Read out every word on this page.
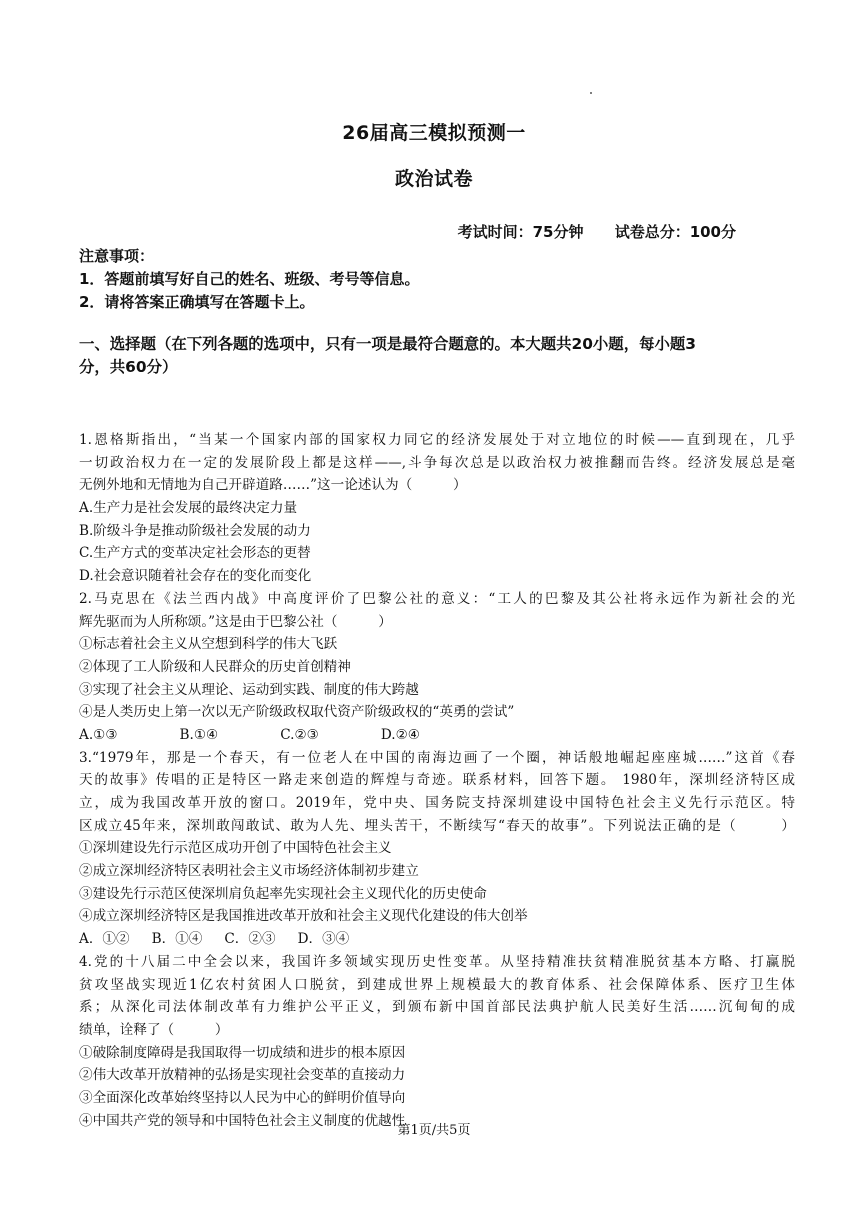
26届高三模拟预测一
政治试卷
考试时间：75分钟 试卷总分：100分
注意事项：
1．答题前填写好自己的姓名、班级、考号等信息。
2．请将答案正确填写在答题卡上。
一、选择题（在下列各题的选项中，只有一项是最符合题意的。本大题共20小题，每小题3
分，共60分）
1.恩格斯指出，“当某一个国家内部的国家权力同它的经济发展处于对立地位的时候——直到现在，几乎
一切政治权力在一定的发展阶段上都是这样——,斗争每次总是以政治权力被推翻而告终。经济发展总是毫
无例外地和无情地为自己开辟道路……”这一论述认为（　　　）
A.生产力是社会发展的最终决定力量
B.阶级斗争是推动阶级社会发展的动力
C.生产方式的变革决定社会形态的更替
D.社会意识随着社会存在的变化而变化
2.马克思在《法兰西内战》中高度评价了巴黎公社的意义：“工人的巴黎及其公社将永远作为新社会的光
辉先驱而为人所称颂。”这是由于巴黎公社（　　　）
①标志着社会主义从空想到科学的伟大飞跃
②体现了工人阶级和人民群众的历史首创精神
③实现了社会主义从理论、运动到实践、制度的伟大跨越
④是人类历史上第一次以无产阶级政权取代资产阶级政权的“英勇的尝试”
A.①③	B.①④	C.②③	D.②④
3.“1979年，那是一个春天，有一位老人在中国的南海边画了一个圈，神话般地崛起座座城……”这首《春
天的故事》传唱的正是特区一路走来创造的辉煌与奇迹。联系材料，回答下题。 1980年，深圳经济特区成
立，成为我国改革开放的窗口。2019年，党中央、国务院支持深圳建设中国特色社会主义先行示范区。特
区成立45年来，深圳敢闯敢试、敢为人先、埋头苦干，不断续写“春天的故事”。下列说法正确的是（　　　）
①深圳建设先行示范区成功开创了中国特色社会主义
②成立深圳经济特区表明社会主义市场经济体制初步建立
③建设先行示范区使深圳肩负起率先实现社会主义现代化的历史使命
④成立深圳经济特区是我国推进改革开放和社会主义现代化建设的伟大创举
A．①② B．①④ C．②③ D．③④
4.党的十八届二中全会以来，我国许多领域实现历史性变革。从坚持精准扶贫精准脱贫基本方略、打赢脱
贫攻坚战实现近1亿农村贫困人口脱贫，到建成世界上规模最大的教育体系、社会保障体系、医疗卫生体
系；从深化司法体制改革有力维护公平正义，到颁布新中国首部民法典护航人民美好生活……沉甸甸的成
绩单，诠释了（　　　）
①破除制度障碍是我国取得一切成绩和进步的根本原因
②伟大改革开放精神的弘扬是实现社会变革的直接动力
③全面深化改革始终坚持以人民为中心的鲜明价值导向
④中国共产党的领导和中国特色社会主义制度的优越性
第1页/共5页
